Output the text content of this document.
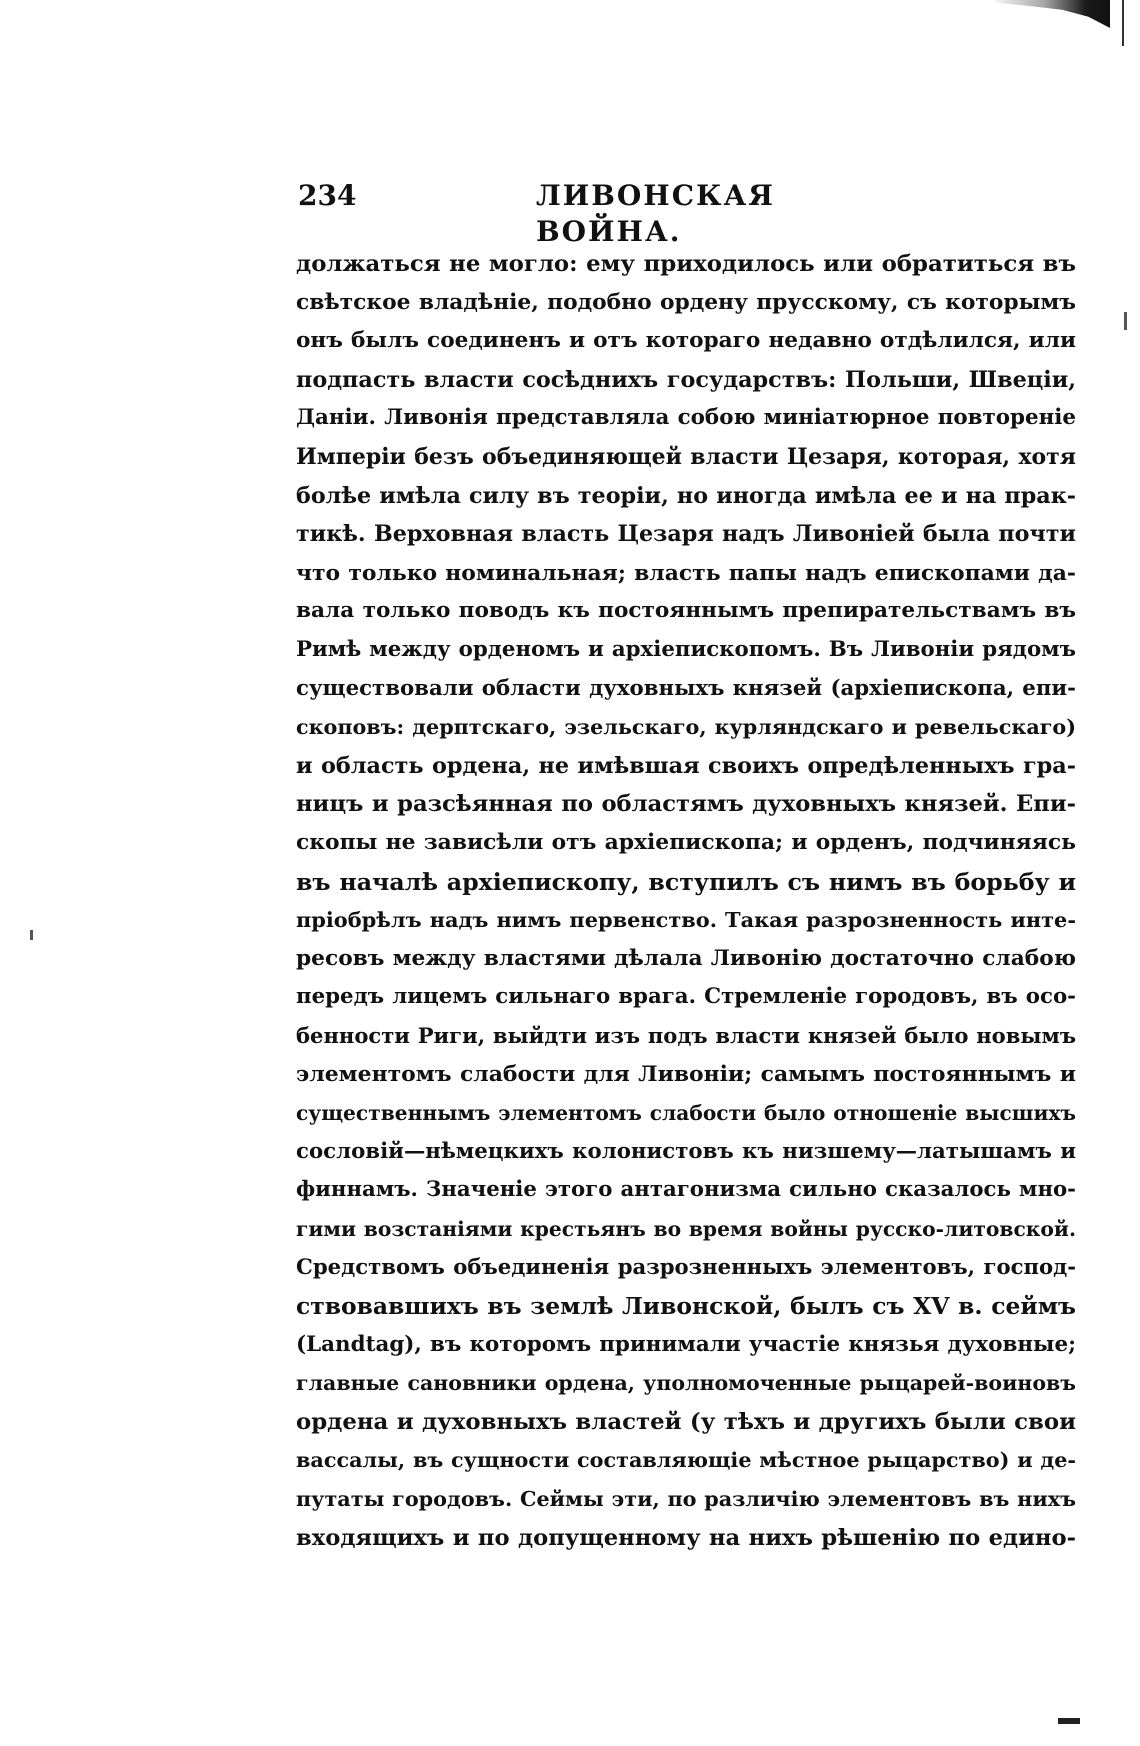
234	ЛИВОНСКАЯ ВОЙНА.
должаться не могло: ему приходилось или обратиться въ
свѣтское владѣніе, подобно ордену прусскому, съ которымъ
онъ былъ соединенъ и отъ котораго недавно отдѣлился, или
подпасть власти сосѣднихъ государствъ: Польши, Швеціи,
Даніи. Ливонія представляла собою миніатюрное повтореніе
Имперіи безъ объединяющей власти Цезаря, которая, хотя
болѣе имѣла силу въ теоріи, но иногда имѣла ее и на прак-
тикѣ. Верховная власть Цезаря надъ Ливоніей была почти
что только номинальная; власть папы надъ епископами да-
вала только поводъ къ постояннымъ препирательствамъ въ
Римѣ между орденомъ и архіепископомъ. Въ Ливоніи рядомъ
существовали области духовныхъ князей (архіепископа, епи-
скоповъ: дерптскаго, эзельскаго, курляндскаго и ревельскаго)
и область ордена, не имѣвшая своихъ опредѣленныхъ гра-
ницъ и разсѣянная по областямъ духовныхъ князей. Епи-
скопы не зависѣли отъ архіепископа; и орденъ, подчиняясь
въ началѣ архіепископу, вступилъ съ нимъ въ борьбу и
пріобрѣлъ надъ нимъ первенство. Такая разрозненность инте-
ресовъ между властями дѣлала Ливонію достаточно слабою
передъ лицемъ сильнаго врага. Стремленіе городовъ, въ осо-
бенности Риги, выйдти изъ подъ власти князей было новымъ
элементомъ слабости для Ливоніи; самымъ постояннымъ и
существеннымъ элементомъ слабости было отношеніе высшихъ
сословій—нѣмецкихъ колонистовъ къ низшему—латышамъ и
финнамъ. Значеніе этого антагонизма сильно сказалось мно-
гими возстаніями крестьянъ во время войны русско-литовской.
Средствомъ объединенія разрозненныхъ элементовъ, господ-
ствовавшихъ въ землѣ Ливонской, былъ съ XV в. сеймъ
(Landtag), въ которомъ принимали участіе князья духовные;
главные сановники ордена, уполномоченные рыцарей-воиновъ
ордена и духовныхъ властей (у тѣхъ и другихъ были свои
вассалы, въ сущности составляющіе мѣстное рыцарство) и де-
путаты городовъ. Сеймы эти, по различію элементовъ въ нихъ
входящихъ и по допущенному на нихъ рѣшенію по едино-
